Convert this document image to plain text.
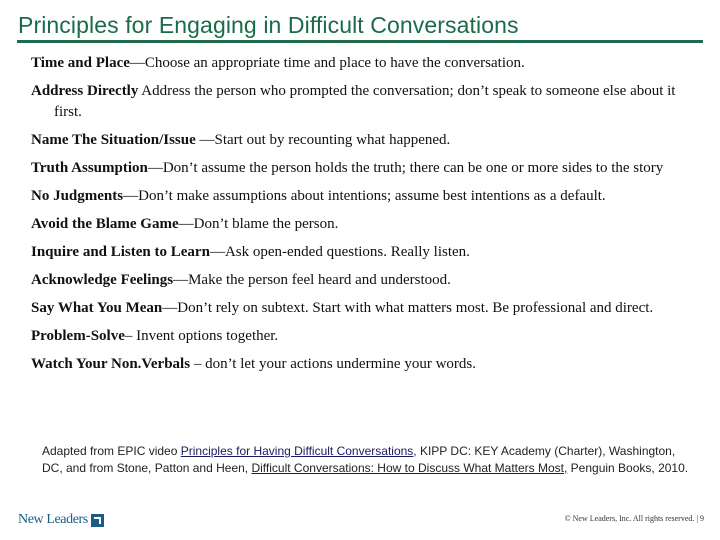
Principles for Engaging in Difficult Conversations
Time and Place—Choose an appropriate time and place to have the conversation.
Address Directly Address the person who prompted the conversation; don’t speak to someone else about it first.
Name The Situation/Issue —Start out by recounting what happened.
Truth Assumption—Don’t assume the person holds the truth; there can be one or more sides to the story
No Judgments—Don’t make assumptions about intentions; assume best intentions as a default.
Avoid the Blame Game—Don’t blame the person.
Inquire and Listen to Learn—Ask open-ended questions. Really listen.
Acknowledge Feelings—Make the person feel heard and understood.
Say What You Mean—Don’t rely on subtext. Start with what matters most. Be professional and direct.
Problem-Solve– Invent options together.
Watch Your Non.Verbals – don’t let your actions undermine your words.
Adapted from EPIC video Principles for Having Difficult Conversations, KIPP DC: KEY Academy (Charter), Washington, DC, and from Stone, Patton and Heen, Difficult Conversations: How to Discuss What Matters Most, Penguin Books, 2010.
New Leaders	© New Leaders, Inc. All rights reserved. | 9
